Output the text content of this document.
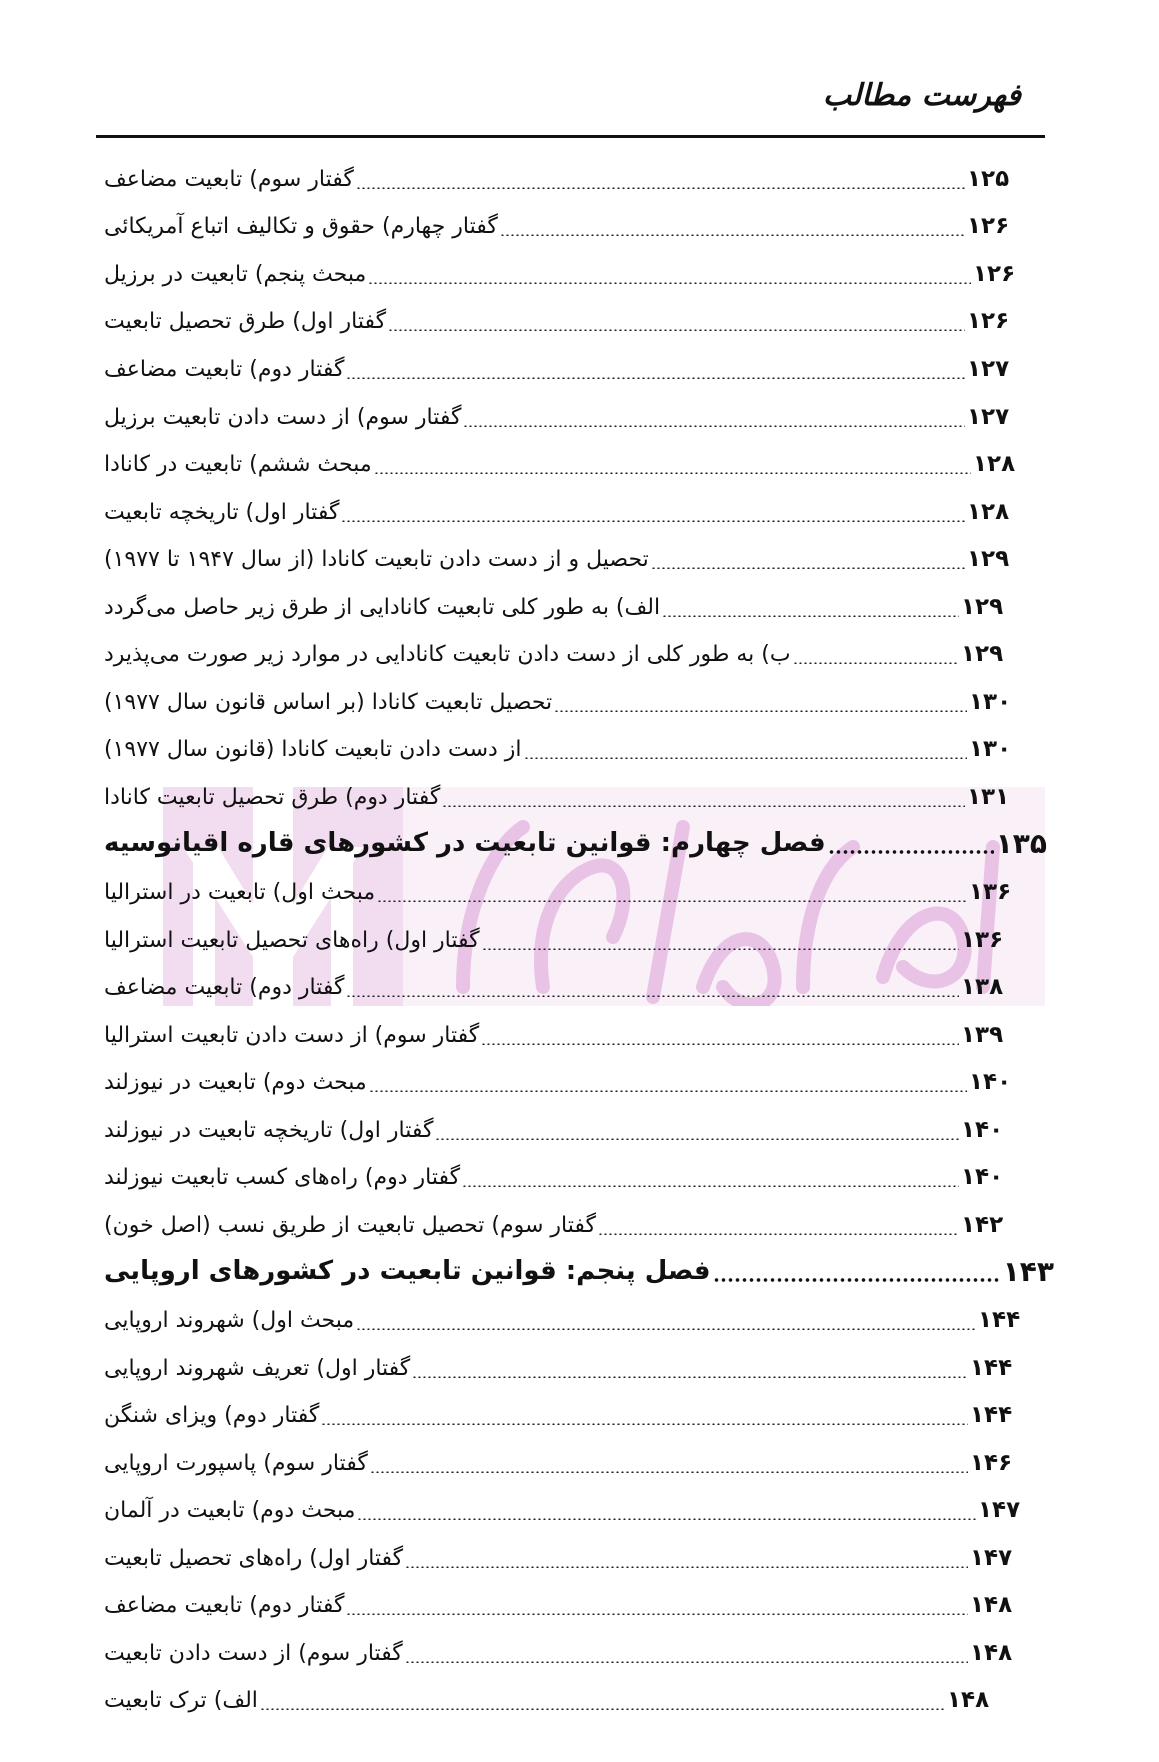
فهرست مطالب
گفتار سوم) تابعیت مضاعف	۱۲۵
گفتار چهارم) حقوق و تکالیف اتباع آمریکائی	۱۲۶
مبحث پنجم) تابعیت در برزیل	۱۲۶
گفتار اول) طرق تحصیل تابعیت	۱۲۶
گفتار دوم) تابعیت مضاعف	۱۲۷
گفتار سوم) از دست دادن تابعیت برزیل	۱۲۷
مبحث ششم) تابعیت در کانادا	۱۲۸
گفتار اول) تاریخچه تابعیت	۱۲۸
تحصیل و از دست دادن تابعیت کانادا (از سال ۱۹۴۷ تا ۱۹۷۷)	۱۲۹
الف) به طور کلی تابعیت کانادایی از طرق زیر حاصل می‌گردد	۱۲۹
ب) به طور کلی از دست دادن تابعیت کانادایی در موارد زیر صورت می‌پذیرد	۱۲۹
تحصیل تابعیت کانادا (بر اساس قانون سال ۱۹۷۷)	۱۳۰
از دست دادن تابعیت کانادا (قانون سال ۱۹۷۷)	۱۳۰
گفتار دوم) طرق تحصیل تابعیت کانادا	۱۳۱
فصل چهارم: قوانین تابعیت در کشورهای قاره اقیانوسیه	۱۳۵
مبحث اول) تابعیت در استرالیا	۱۳۶
گفتار اول) راه‌های تحصیل تابعیت استرالیا	۱۳۶
گفتار دوم) تابعیت مضاعف	۱۳۸
گفتار سوم) از دست دادن تابعیت استرالیا	۱۳۹
مبحث دوم) تابعیت در نیوزلند	۱۴۰
گفتار اول) تاریخچه تابعیت در نیوزلند	۱۴۰
گفتار دوم) راه‌های کسب تابعیت نیوزلند	۱۴۰
گفتار سوم) تحصیل تابعیت از طریق نسب (اصل خون)	۱۴۲
فصل پنجم: قوانین تابعیت در کشورهای اروپایی	۱۴۳
مبحث اول) شهروند اروپایی	۱۴۴
گفتار اول) تعریف شهروند اروپایی	۱۴۴
گفتار دوم) ویزای شنگن	۱۴۴
گفتار سوم) پاسپورت اروپایی	۱۴۶
مبحث دوم) تابعیت در آلمان	۱۴۷
گفتار اول) راه‌های تحصیل تابعیت	۱۴۷
گفتار دوم) تابعیت مضاعف	۱۴۸
گفتار سوم) از دست دادن تابعیت	۱۴۸
الف) ترک تابعیت	۱۴۸
